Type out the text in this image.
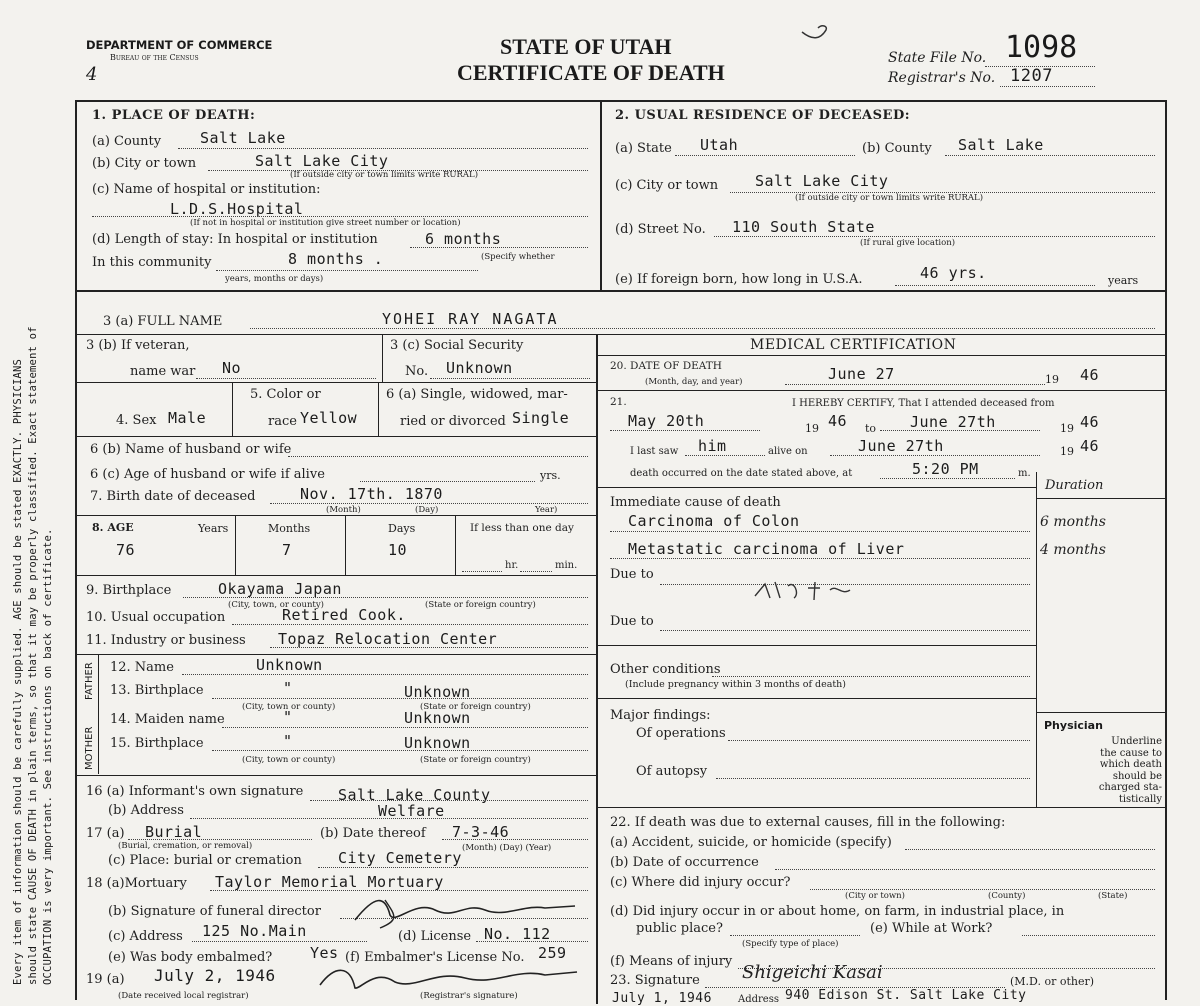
Every item of information should be carefully supplied. AGE should be stated EXACTLY. PHYSICIANS should state CAUSE OF DEATH in plain terms, so that it may be properly classified. Exact statement of OCCUPATION is very important. See instructions on back of certificate.
DEPARTMENT OF COMMERCE
Bureau of the Census
4
STATE OF UTAH
CERTIFICATE OF DEATH
State File No. 1098
Registrar's No. 1207
1. PLACE OF DEATH:
(a) County	Salt Lake
(b) City or town	Salt Lake City
(If outside city or town limits write RURAL)
(c) Name of hospital or institution:
L.D.S.Hospital
(If not in hospital or institution give street number or location)
(d) Length of stay: In hospital or institution	6 months
In this community	8 months .	(Specify whether
years, months or days)
2. USUAL RESIDENCE OF DECEASED:
(a) State Utah	(b) County Salt Lake
(c) City or town Salt Lake City
(If outside city or town limits write RURAL)
(d) Street No. 110 South State
(If rural give location)
(e) If foreign born, how long in U.S.A.	46 yrs.	years
3 (a) FULL NAME	YOHEI RAY NAGATA
3 (b) If veteran,
name war No
3 (c) Social Security
No. Unknown
4. Sex Male
5. Color or
race Yellow
6 (a) Single, widowed, mar-
ried or divorced Single
6 (b) Name of husband or wife
6 (c) Age of husband or wife if alive	yrs.
7. Birth date of deceased	Nov. 17th. 1870
(Month)	(Day)	Year)
8. AGE	Years	Months	Days	If less than one day
76	7	10
hr.	min.
9. Birthplace	Okayama Japan
(City, town, or county)	(State or foreign country)
10. Usual occupation	Retired Cook.
11. Industry or business Topaz Relocation Center
FATHER
MOTHER
12. Name	Unknown
13. Birthplace	"	Unknown
(City, town or county)	(State or foreign country)
14. Maiden name	"	Unknown
15. Birthplace	"	Unknown
(City, town or county)	(State or foreign country)
16 (a) Informant's own signature Salt Lake County
(b) Address	Welfare
17 (a) Burial
(Burial, cremation, or removal)
(b) Date thereof 7-3-46
(Month) (Day) (Year)
(c) Place: burial or cremation City Cemetery
18 (a)Mortuary Taylor Memorial Mortuary
(b) Signature of funeral director
(c) Address 125 No.Main	(d) License No. 112
(e) Was body embalmed?	Yes (f) Embalmer's License No. 259
19 (a) July 2, 1946
(Date received local registrar)	(Registrar's signature)
MEDICAL CERTIFICATION
20. DATE OF DEATH
(Month, day, and year)	June 27	19 46
21.	I HEREBY CERTIFY, That I attended deceased from
May 20th	19 46 to June 27th	19 46
I last saw him	alive on	June 27th	19 46
death occurred on the date stated above, at	5:20 PM	m.
Duration
Immediate cause of death
Carcinoma of Colon	6 months
Metastatic carcinoma of Liver	4 months
Due to
Due to
Other conditions
(Include pregnancy within 3 months of death)
Major findings:
Of operations
Of autopsy
Physician
Underline
the cause to
which death
should be
charged sta-
tistically
22. If death was due to external causes, fill in the following:
(a) Accident, suicide, or homicide (specify)
(b) Date of occurrence
(c) Where did injury occur?
(City or town)	(County)	(State)
(d) Did injury occur in or about home, on farm, in industrial place, in
public place?
(Specify type of place)
(e) While at Work?
(f) Means of injury
23. Signature Shigeichi Kasai	(M.D. or other)
July 1, 1946	Address 940 Edison St. Salt Lake City
